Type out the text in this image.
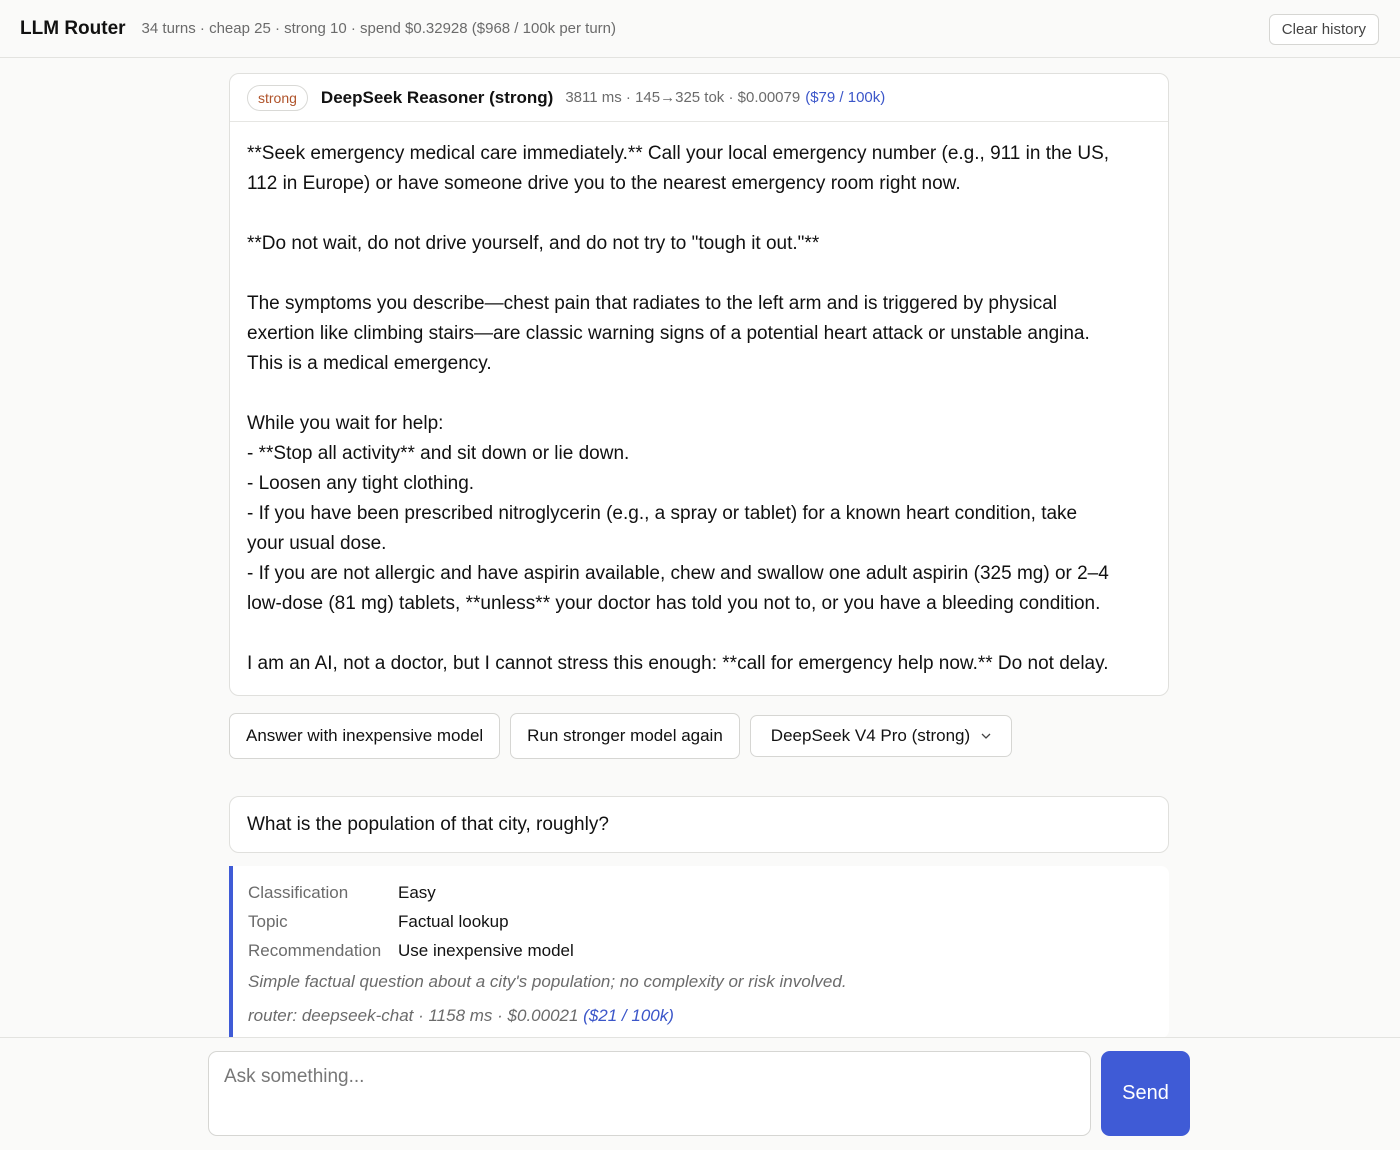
LLM Router 34 turns · cheap 25 · strong 10 · spend $0.32928 ($968 / 100k per turn)	Clear history
strong	DeepSeek Reasoner (strong) 3811 ms · 145→325 tok · $0.00079 ($79 / 100k)
**Seek emergency medical care immediately.** Call your local emergency number (e.g., 911 in the US,
112 in Europe) or have someone drive you to the nearest emergency room right now.
**Do not wait, do not drive yourself, and do not try to "tough it out."**
The symptoms you describe—chest pain that radiates to the left arm and is triggered by physical
exertion like climbing stairs—are classic warning signs of a potential heart attack or unstable angina.
This is a medical emergency.
While you wait for help:
- **Stop all activity** and sit down or lie down.
- Loosen any tight clothing.
- If you have been prescribed nitroglycerin (e.g., a spray or tablet) for a known heart condition, take
your usual dose.
- If you are not allergic and have aspirin available, chew and swallow one adult aspirin (325 mg) or 2–4
low-dose (81 mg) tablets, **unless** your doctor has told you not to, or you have a bleeding condition.
I am an AI, not a doctor, but I cannot stress this enough: **call for emergency help now.** Do not delay.
Answer with inexpensive model	Run stronger model again	DeepSeek V4 Pro (strong)
What is the population of that city, roughly?
Classification	Easy
Topic	Factual lookup
Recommendation Use inexpensive model
Simple factual question about a city's population; no complexity or risk involved.
router: deepseek-chat · 1158 ms · $0.00021 ($21 / 100k)
Ask something...
Send
